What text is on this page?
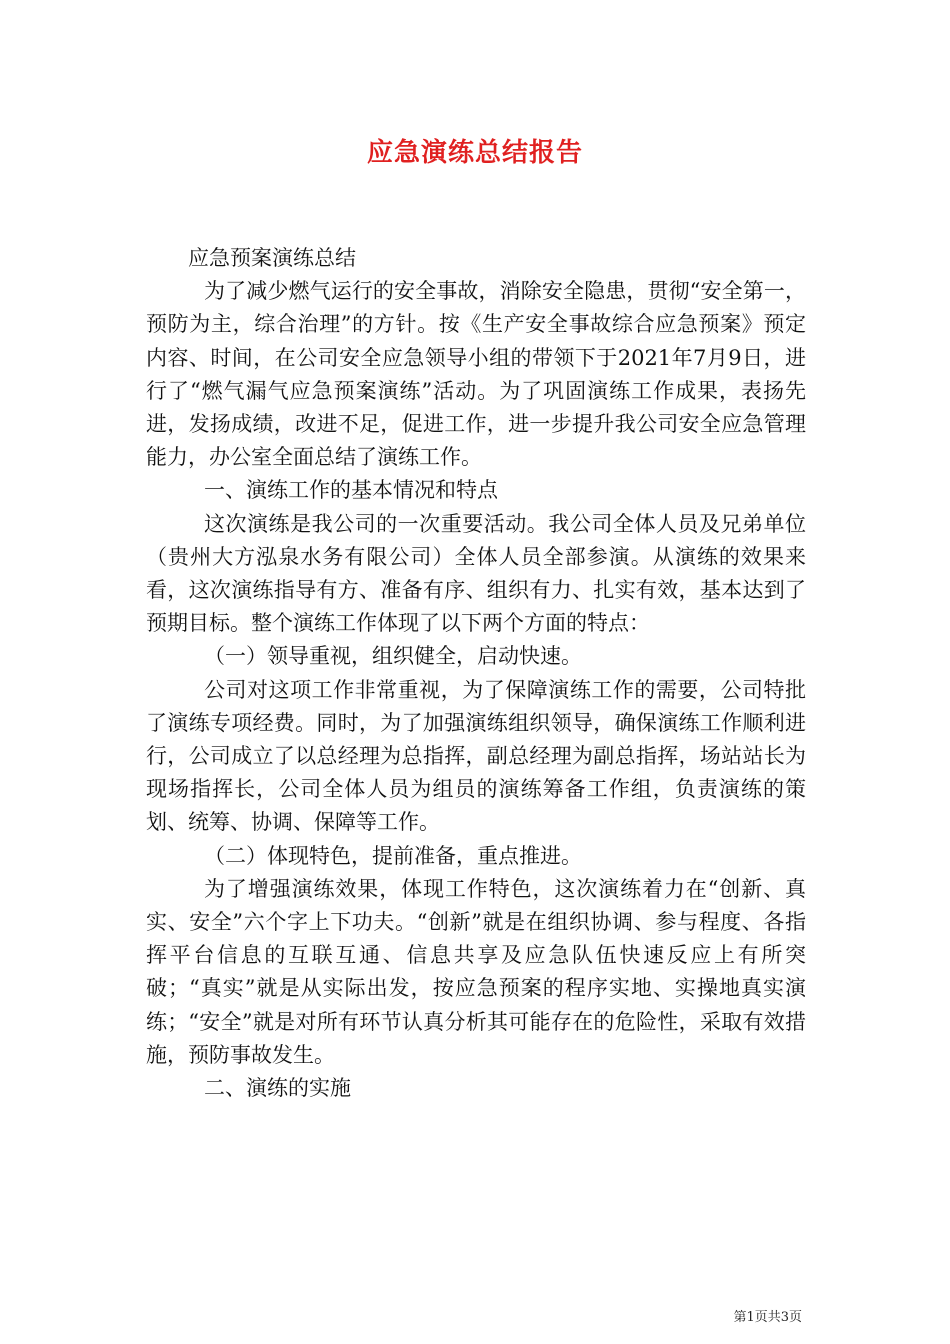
应急演练总结报告

应急预案演练总结

为了减少燃气运行的安全事故，消除安全隐患，贯彻“安全第一，预防为主，综合治理”的方针。按《生产安全事故综合应急预案》预定内容、时间，在公司安全应急领导小组的带领下于2021年7月9日，进行了“燃气漏气应急预案演练”活动。为了巩固演练工作成果，表扬先进，发扬成绩，改进不足，促进工作，进一步提升我公司安全应急管理能力，办公室全面总结了演练工作。

一、演练工作的基本情况和特点

这次演练是我公司的一次重要活动。我公司全体人员及兄弟单位（贵州大方泓泉水务有限公司）全体人员全部参演。从演练的效果来看，这次演练指导有方、准备有序、组织有力、扎实有效，基本达到了预期目标。整个演练工作体现了以下两个方面的特点：

（一）领导重视，组织健全，启动快速。

公司对这项工作非常重视，为了保障演练工作的需要，公司特批了演练专项经费。同时，为了加强演练组织领导，确保演练工作顺利进行，公司成立了以总经理为总指挥，副总经理为副总指挥，场站站长为现场指挥长，公司全体人员为组员的演练筹备工作组，负责演练的策划、统筹、协调、保障等工作。

（二）体现特色，提前准备，重点推进。

为了增强演练效果，体现工作特色，这次演练着力在“创新、真实、安全”六个字上下功夫。“创新”就是在组织协调、参与程度、各指挥平台信息的互联互通、信息共享及应急队伍快速反应上有所突破；“真实”就是从实际出发，按应急预案的程序实地、实操地真实演练；“安全”就是对所有环节认真分析其可能存在的危险性，采取有效措施，预防事故发生。

二、演练的实施

第1页共3页
